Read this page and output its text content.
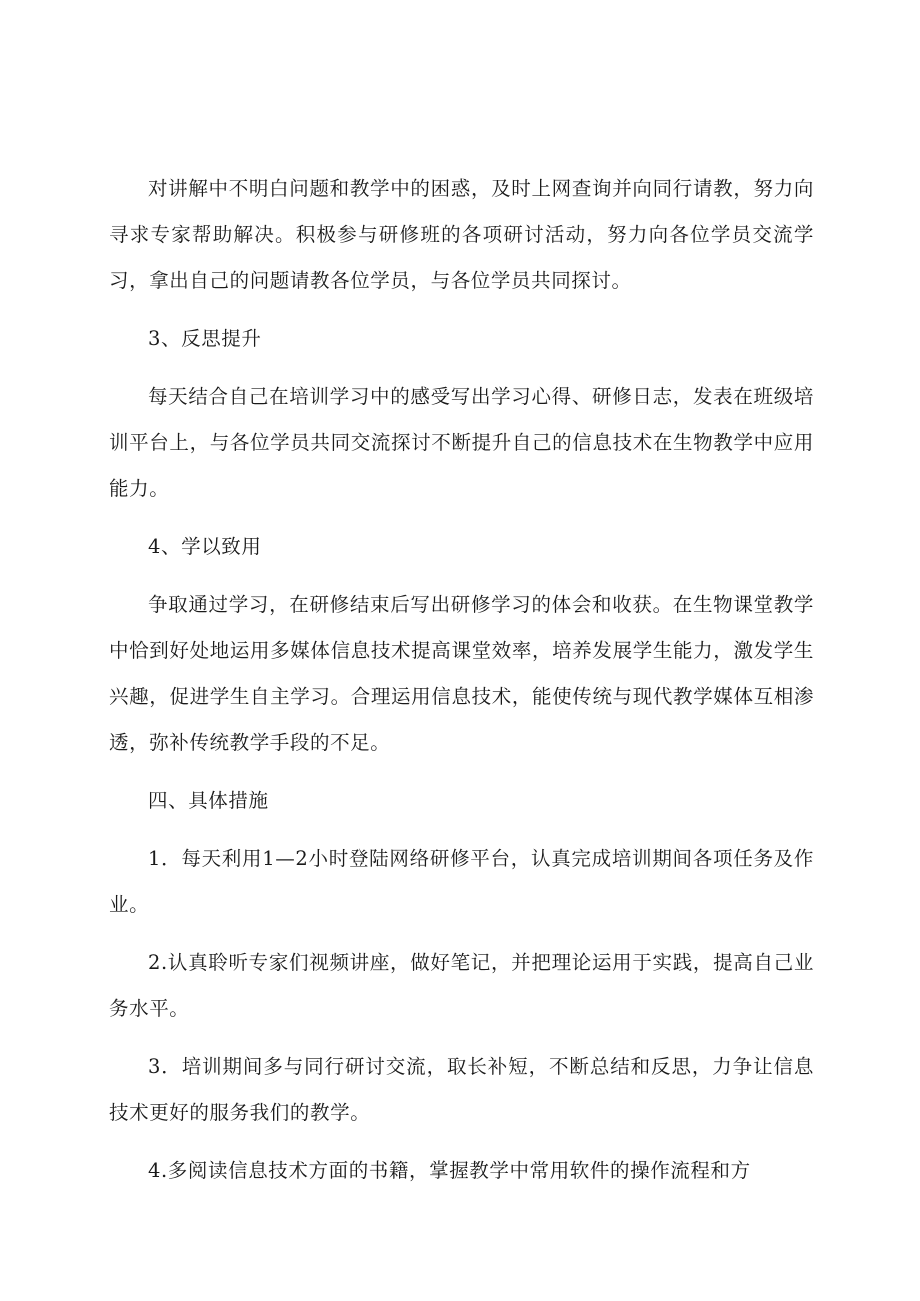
对讲解中不明白问题和教学中的困惑，及时上网查询并向同行请教，努力向寻求专家帮助解决。积极参与研修班的各项研讨活动，努力向各位学员交流学习，拿出自己的问题请教各位学员，与各位学员共同探讨。

3、反思提升

每天结合自己在培训学习中的感受写出学习心得、研修日志，发表在班级培训平台上，与各位学员共同交流探讨不断提升自己的信息技术在生物教学中应用能力。

4、学以致用

争取通过学习，在研修结束后写出研修学习的体会和收获。在生物课堂教学中恰到好处地运用多媒体信息技术提高课堂效率，培养发展学生能力，激发学生兴趣，促进学生自主学习。合理运用信息技术，能使传统与现代教学媒体互相渗透，弥补传统教学手段的不足。

四、具体措施

1．每天利用1—2小时登陆网络研修平台，认真完成培训期间各项任务及作业。

2.认真聆听专家们视频讲座，做好笔记，并把理论运用于实践，提高自己业务水平。

3．培训期间多与同行研讨交流，取长补短，不断总结和反思，力争让信息技术更好的服务我们的教学。

4.多阅读信息技术方面的书籍，掌握教学中常用软件的操作流程和方
